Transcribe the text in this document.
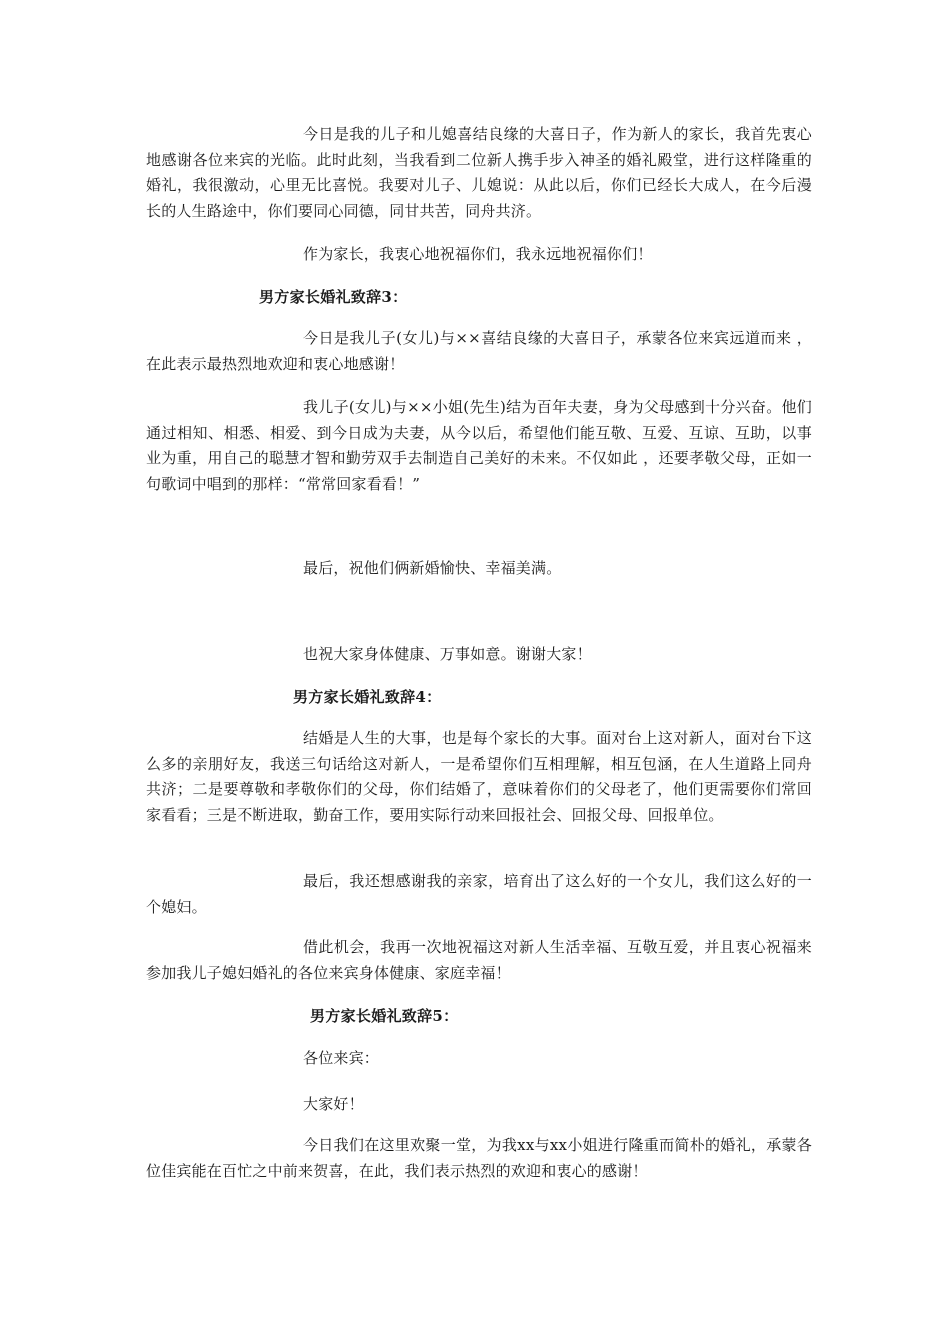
今日是我的儿子和儿媳喜结良缘的大喜日子，作为新人的家长，我首先衷心地感谢各位来宾的光临。此时此刻，当我看到二位新人携手步入神圣的婚礼殿堂，进行这样隆重的婚礼，我很激动，心里无比喜悦。我要对儿子、儿媳说：从此以后，你们已经长大成人，在今后漫长的人生路途中，你们要同心同德，同甘共苦，同舟共济。

作为家长，我衷心地祝福你们，我永远地祝福你们！

男方家长婚礼致辞3：

今日是我儿子(女儿)与××喜结良缘的大喜日子，承蒙各位来宾远道而来 ，在此表示最热烈地欢迎和衷心地感谢！

我儿子(女儿)与××小姐(先生)结为百年夫妻，身为父母感到十分兴奋。他们通过相知、相悉、相爱、到今日成为夫妻，从今以后，希望他们能互敬、互爱、互谅、互助，以事业为重，用自己的聪慧才智和勤劳双手去制造自己美好的未来。不仅如此 ，还要孝敬父母，正如一句歌词中唱到的那样：“常常回家看看！”

最后，祝他们俩新婚愉快、幸福美满。

也祝大家身体健康、万事如意。谢谢大家！

男方家长婚礼致辞4：

结婚是人生的大事，也是每个家长的大事。面对台上这对新人，面对台下这么多的亲朋好友，我送三句话给这对新人，一是希望你们互相理解，相互包涵，在人生道路上同舟共济；二是要尊敬和孝敬你们的父母，你们结婚了，意味着你们的父母老了，他们更需要你们常回家看看；三是不断进取，勤奋工作，要用实际行动来回报社会、回报父母、回报单位。

最后，我还想感谢我的亲家，培育出了这么好的一个女儿，我们这么好的一个媳妇。

借此机会，我再一次地祝福这对新人生活幸福、互敬互爱，并且衷心祝福来参加我儿子媳妇婚礼的各位来宾身体健康、家庭幸福！

男方家长婚礼致辞5：

各位来宾：

大家好！

今日我们在这里欢聚一堂，为我xx与xx小姐进行隆重而简朴的婚礼，承蒙各位佳宾能在百忙之中前来贺喜，在此，我们表示热烈的欢迎和衷心的感谢！
